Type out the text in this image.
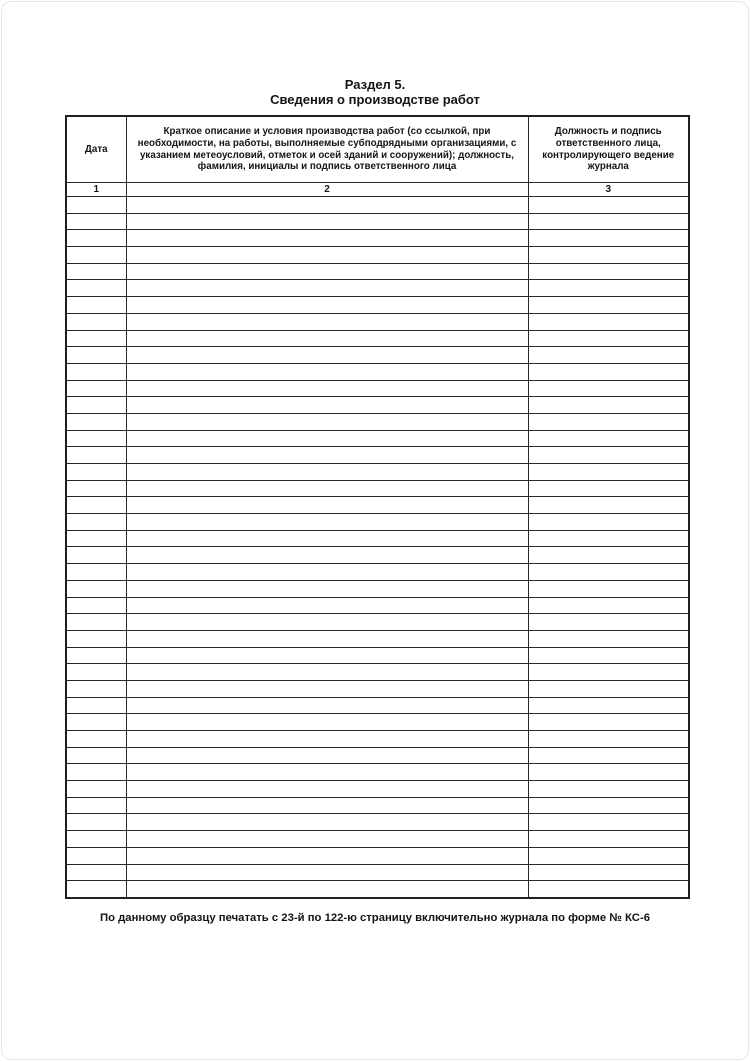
Раздел 5.
Сведения о производстве работ
Дата	Краткое описание и условия производства работ (со ссылкой, при необходимости, на работы, выполняемые субподрядными организациями, с указанием метеоусловий, отметок и осей зданий и сооружений); должность, фамилия, инициалы и подпись ответственного лица	Должность и подпись ответственного лица, контролирующего ведение журнала
1	2	3

По данному образцу печатать с 23-й по 122-ю страницу включительно журнала по форме № КС-6
